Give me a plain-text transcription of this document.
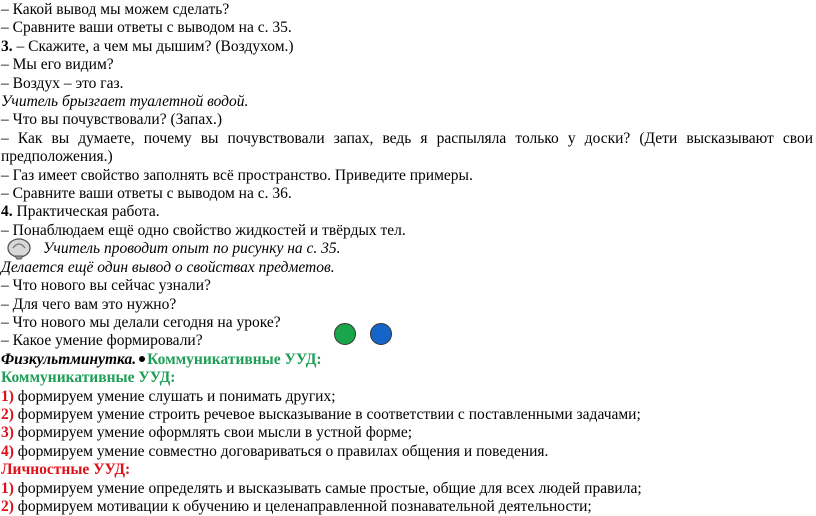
– Какой вывод мы можем сделать?
– Сравните ваши ответы с выводом на с. 35.
3. – Скажите, а чем мы дышим? (Воздухом.)
– Мы его видим?
– Воздух – это газ.
Учитель брызгает туалетной водой.
– Что вы почувствовали? (Запах.)
– Как вы думаете, почему вы почувствовали запах, ведь я распыляла только у доски? (Дети высказывают свои
предположения.)
– Газ имеет свойство заполнять всё пространство. Приведите примеры.
– Сравните ваши ответы с выводом на с. 36.
4. Практическая работа.
– Понаблюдаем ещё одно свойство жидкостей и твёрдых тел.
Учитель проводит опыт по рисунку на с. 35.
Делается ещё один вывод о свойствах предметов.
– Что нового вы сейчас узнали?
– Для чего вам это нужно?
– Что нового мы делали сегодня на уроке?
– Какое умение формировали?
Физкультминутка. Коммуникативные УУД:
Коммуникативные УУД:
1) формируем умение слушать и понимать других;
2) формируем умение строить речевое высказывание в соответствии с поставленными задачами;
3) формируем умение оформлять свои мысли в устной форме;
4) формируем умение совместно договариваться о правилах общения и поведения.
Личностные УУД:
1) формируем умение определять и высказывать самые простые, общие для всех людей правила;
2) формируем мотивации к обучению и целенаправленной познавательной деятельности;
